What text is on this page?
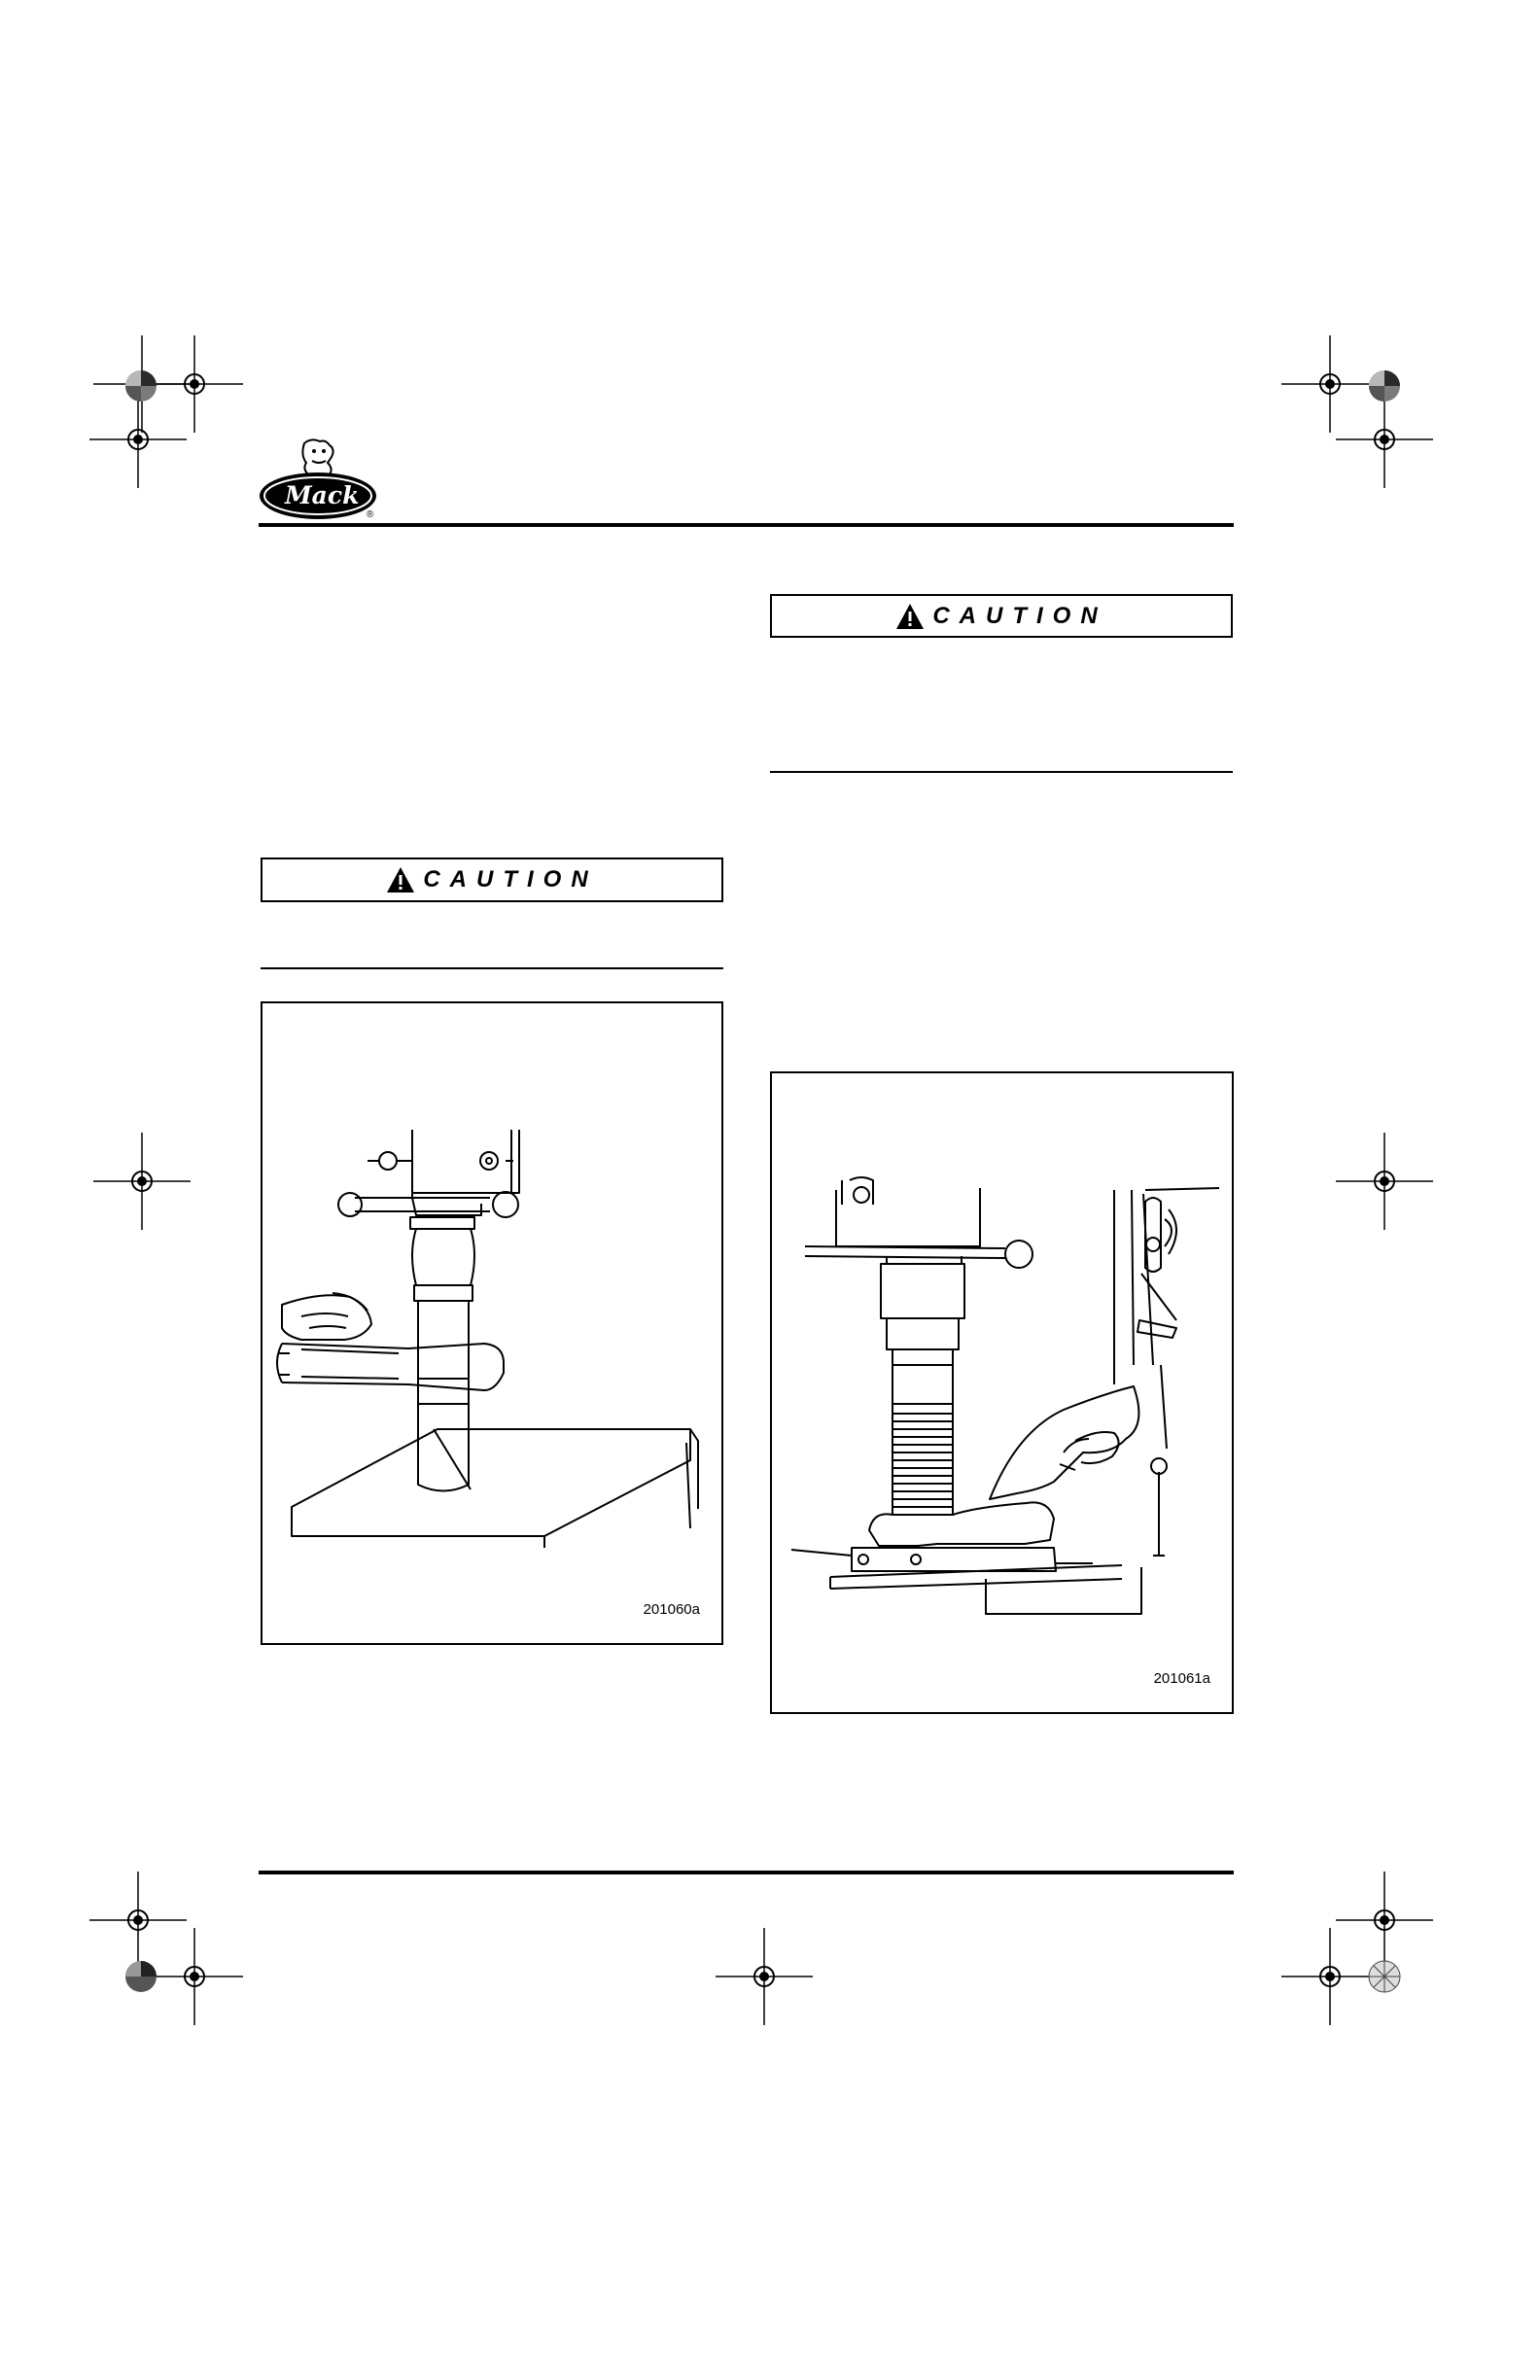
Mack
®
CAUTION
201060a
CAUTION
201061a
